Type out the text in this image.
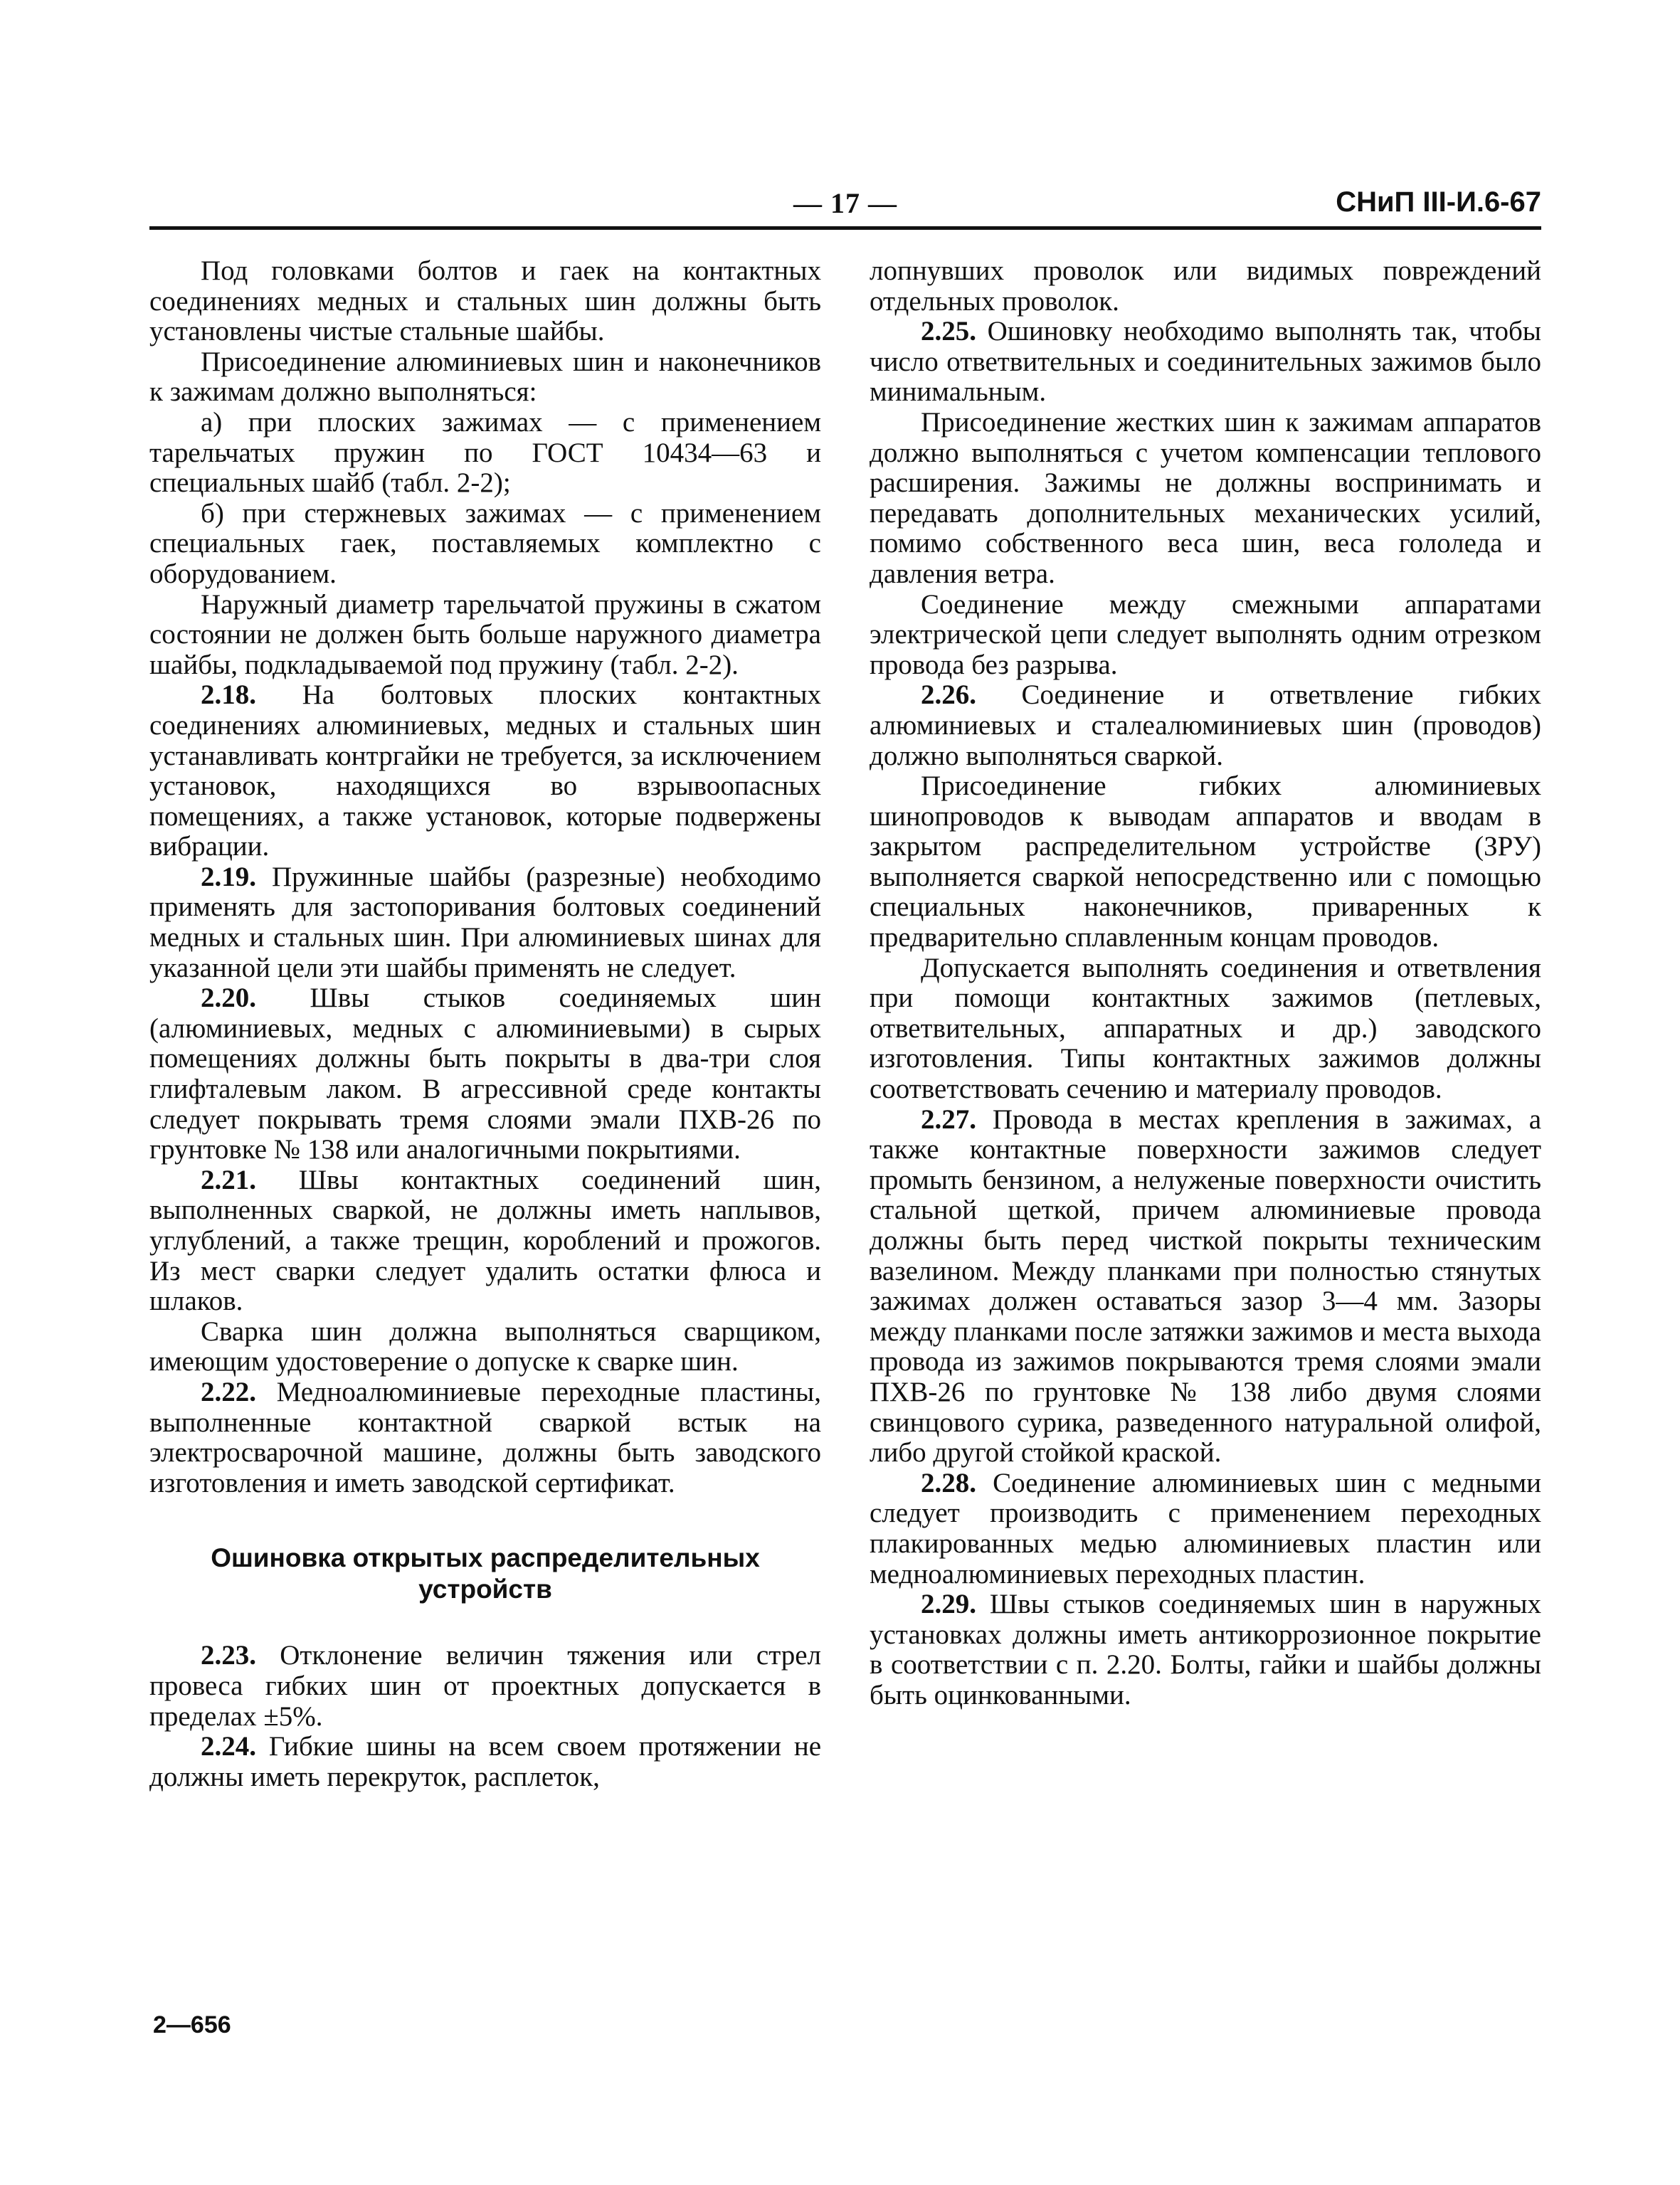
— 17 —	СНиП III-И.6-67

Под головками болтов и гаек на контактных соединениях медных и стальных шин должны быть установлены чистые стальные шайбы.

Присоединение алюминиевых шин и наконечников к зажимам должно выполняться:

а) при плоских зажимах — с применением тарельчатых пружин по ГОСТ 10434—63 и специальных шайб (табл. 2-2);

б) при стержневых зажимах — с применением специальных гаек, поставляемых комплектно с оборудованием.

Наружный диаметр тарельчатой пружины в сжатом состоянии не должен быть больше наружного диаметра шайбы, подкладываемой под пружину (табл. 2-2).

2.18. На болтовых плоских контактных соединениях алюминиевых, медных и стальных шин устанавливать контргайки не требуется, за исключением установок, находящихся во взрывоопасных помещениях, а также установок, которые подвержены вибрации.

2.19. Пружинные шайбы (разрезные) необходимо применять для застопоривания болтовых соединений медных и стальных шин. При алюминиевых шинах для указанной цели эти шайбы применять не следует.

2.20. Швы стыков соединяемых шин (алюминиевых, медных с алюминиевыми) в сырых помещениях должны быть покрыты в два-три слоя глифталевым лаком. В агрессивной среде контакты следует покрывать тремя слоями эмали ПХВ-26 по грунтовке № 138 или аналогичными покрытиями.

2.21. Швы контактных соединений шин, выполненных сваркой, не должны иметь наплывов, углублений, а также трещин, короблений и прожогов. Из мест сварки следует удалить остатки флюса и шлаков.

Сварка шин должна выполняться сварщиком, имеющим удостоверение о допуске к сварке шин.

2.22. Медноалюминиевые переходные пластины, выполненные контактной сваркой встык на электросварочной машине, должны быть заводского изготовления и иметь заводской сертификат.

Ошиновка открытых распределительных устройств

2.23. Отклонение величин тяжения или стрел провеса гибких шин от проектных допускается в пределах ±5%.

2.24. Гибкие шины на всем своем протяжении не должны иметь перекруток, расплеток,

лопнувших проволок или видимых повреждений отдельных проволок.

2.25. Ошиновку необходимо выполнять так, чтобы число ответвительных и соединительных зажимов было минимальным.

Присоединение жестких шин к зажимам аппаратов должно выполняться с учетом компенсации теплового расширения. Зажимы не должны воспринимать и передавать дополнительных механических усилий, помимо собственного веса шин, веса гололеда и давления ветра.

Соединение между смежными аппаратами электрической цепи следует выполнять одним отрезком провода без разрыва.

2.26. Соединение и ответвление гибких алюминиевых и сталеалюминиевых шин (проводов) должно выполняться сваркой.

Присоединение гибких алюминиевых шинопроводов к выводам аппаратов и вводам в закрытом распределительном устройстве (ЗРУ) выполняется сваркой непосредственно или с помощью специальных наконечников, приваренных к предварительно сплавленным концам проводов.

Допускается выполнять соединения и ответвления при помощи контактных зажимов (петлевых, ответвительных, аппаратных и др.) заводского изготовления. Типы контактных зажимов должны соответствовать сечению и материалу проводов.

2.27. Провода в местах крепления в зажимах, а также контактные поверхности зажимов следует промыть бензином, а нелуженые поверхности очистить стальной щеткой, причем алюминиевые провода должны быть перед чисткой покрыты техническим вазелином. Между планками при полностью стянутых зажимах должен оставаться зазор 3—4 мм. Зазоры между планками после затяжки зажимов и места выхода провода из зажимов покрываются тремя слоями эмали ПХВ-26 по грунтовке № 138 либо двумя слоями свинцового сурика, разведенного натуральной олифой, либо другой стойкой краской.

2.28. Соединение алюминиевых шин с медными следует производить с применением переходных плакированных медью алюминиевых пластин или медноалюминиевых переходных пластин.

2.29. Швы стыков соединяемых шин в наружных установках должны иметь антикоррозионное покрытие в соответствии с п. 2.20. Болты, гайки и шайбы должны быть оцинкованными.

2—656
